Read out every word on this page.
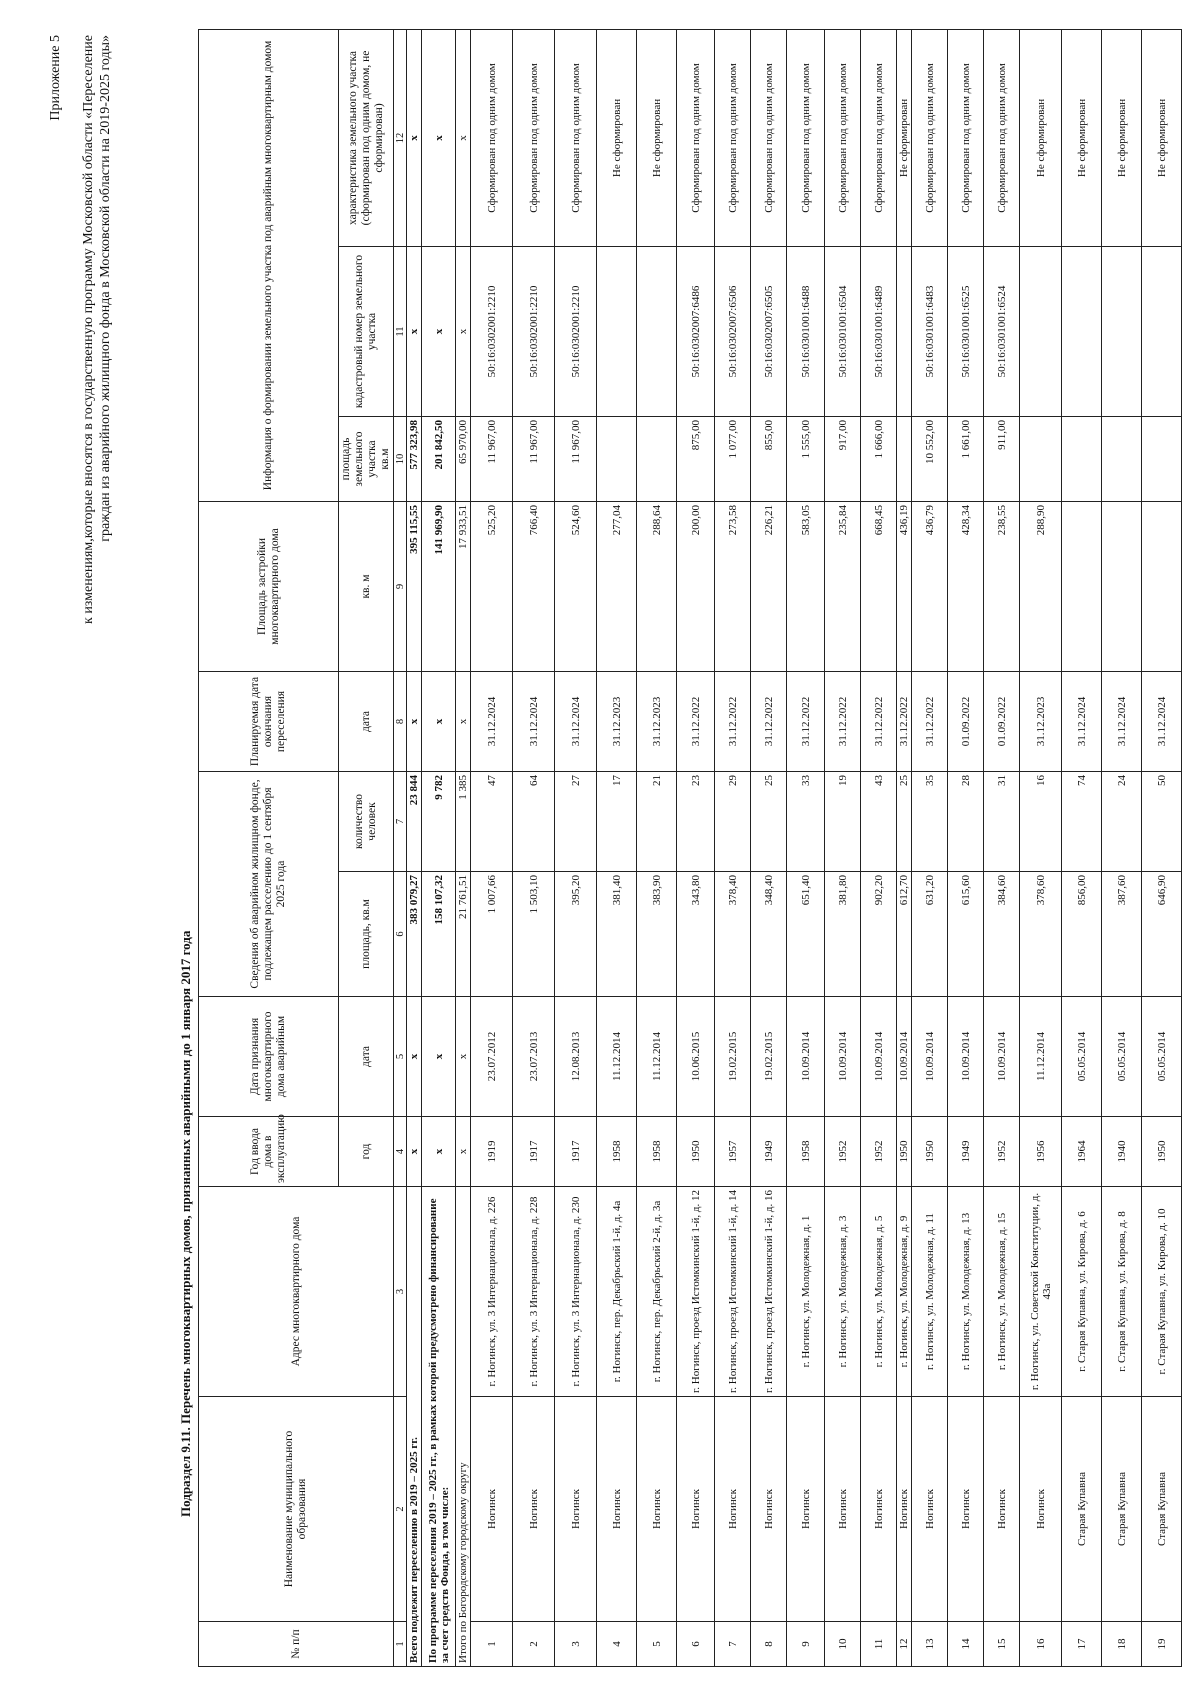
Приложение 5 к изменениям,которые вносятся в государственную программу Московской области «Переселение граждан из аварийного жилищного фонда в Московской области на 2019-2025 годы»
Подраздел 9.11. Перечень многоквартирных домов, признанных аварийными до 1 января 2017 года
№ п/п	Наименование муниципального образования	Адрес многоквартирного дома	Год ввода дома в эксплуатацию	Дата признания многоквартирного дома аварийным	Сведения об аварийном жилищном фонде, подлежащем расселению до 1 сентября 2025 года		Планируемая дата окончания переселения	Площадь застройки многоквартирного дома	Информация о формировании земельного участка под аварийным многоквартирным домом		
			год	дата	площадь, кв.м	количество человек	дата	кв. м	площадь земельного участка кв.м	кадастровый номер земельного участка	характеристика земельного участка (сформирован под одним домом, не сформирован)
1	2	3	4	5	6	7	8	9	10	11	12
Всего подлежит переселению в 2019 – 2025 гг.			x	x	383 079,27	23 844	x	395 115,55	577 323,98	x	x
По программе переселения 2019 – 2025 гг., в рамках которой предусмотрено финансирование за счет средств Фонда, в том числе:			x	x	158 107,32	9 782	x	141 969,90	201 842,50	x	x
Итого по Богородскому городскому округу			x	x	21 761,51	1 385	x	17 933,51	65 970,00	x	x
1	Ногинск	г. Ногинск, ул. 3 Интернационала, д. 226	1919	23.07.2012	1 007,66	47	31.12.2024	525,20	11 967,00	50:16:0302001:2210	Сформирован под одним домом
2	Ногинск	г. Ногинск, ул. 3 Интернационала, д. 228	1917	23.07.2013	1 503,10	64	31.12.2024	766,40	11 967,00	50:16:0302001:2210	Сформирован под одним домом
3	Ногинск	г. Ногинск, ул. 3 Интернационала, д. 230	1917	12.08.2013	395,20	27	31.12.2024	524,60	11 967,00	50:16:0302001:2210	Сформирован под одним домом
4	Ногинск	г. Ногинск, пер. Декабрьский 1-й, д. 4а	1958	11.12.2014	381,40	17	31.12.2023	277,04			Не сформирован
5	Ногинск	г. Ногинск, пер. Декабрьский 2-й, д. 3а	1958	11.12.2014	383,90	21	31.12.2023	288,64			Не сформирован
6	Ногинск	г. Ногинск, проезд Истомкинский 1-й, д. 12	1950	10.06.2015	343,80	23	31.12.2022	200,00	875,00	50:16:0302007:6486	Сформирован под одним домом
7	Ногинск	г. Ногинск, проезд Истомкинский 1-й, д. 14	1957	19.02.2015	378,40	29	31.12.2022	273,58	1 077,00	50:16:0302007:6506	Сформирован под одним домом
8	Ногинск	г. Ногинск, проезд Истомкинский 1-й, д. 16	1949	19.02.2015	348,40	25	31.12.2022	226,21	855,00	50:16:0302007:6505	Сформирован под одним домом
9	Ногинск	г. Ногинск, ул. Молодежная, д. 1	1958	10.09.2014	651,40	33	31.12.2022	583,05	1 555,00	50:16:0301001:6488	Сформирован под одним домом
10	Ногинск	г. Ногинск, ул. Молодежная, д. 3	1952	10.09.2014	381,80	19	31.12.2022	235,84	917,00	50:16:0301001:6504	Сформирован под одним домом
11	Ногинск	г. Ногинск, ул. Молодежная, д. 5	1952	10.09.2014	902,20	43	31.12.2022	668,45	1 666,00	50:16:0301001:6489	Сформирован под одним домом
12	Ногинск	г. Ногинск, ул. Молодежная, д. 9	1950	10.09.2014	612,70	25	31.12.2022	436,19			Не сформирован
13	Ногинск	г. Ногинск, ул. Молодежная, д. 11	1950	10.09.2014	631,20	35	31.12.2022	436,79	10 552,00	50:16:0301001:6483	Сформирован под одним домом
14	Ногинск	г. Ногинск, ул. Молодежная, д. 13	1949	10.09.2014	615,60	28	01.09.2022	428,34	1 661,00	50:16:0301001:6525	Сформирован под одним домом
15	Ногинск	г. Ногинск, ул. Молодежная, д. 15	1952	10.09.2014	384,60	31	01.09.2022	238,55	911,00	50:16:0301001:6524	Сформирован под одним домом
16	Ногинск	г. Ногинск, ул. Советской Конституции, д. 43а	1956	11.12.2014	378,60	16	31.12.2023	288,90			Не сформирован
17	Старая Купавна	г. Старая Купавна, ул. Кирова, д. 6	1964	05.05.2014	856,00	74	31.12.2024				Не сформирован
18	Старая Купавна	г. Старая Купавна, ул. Кирова, д. 8	1940	05.05.2014	387,60	24	31.12.2024				Не сформирован
19	Старая Купавна	г. Старая Купавна, ул. Кирова, д. 10	1950	05.05.2014	646,90	50	31.12.2024				Не сформирован
